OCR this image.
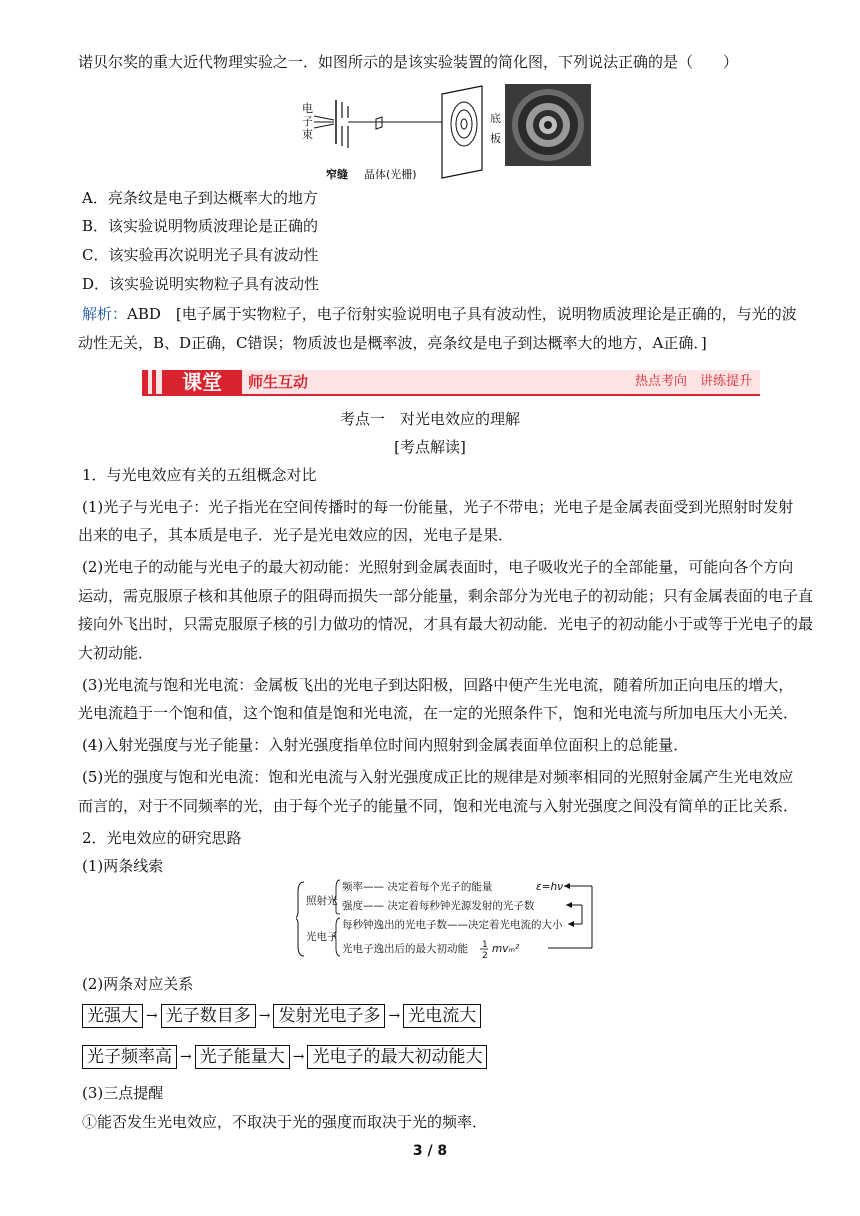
诺贝尔奖的重大近代物理实验之一．如图所示的是该实验装置的简化图，下列说法正确的是（　　）
电
子
束
窄缝 晶体(光栅)
底
板
A．亮条纹是电子到达概率大的地方
B．该实验说明物质波理论是正确的
C．该实验再次说明光子具有波动性
D．该实验说明实物粒子具有波动性
解析：ABD　[电子属于实物粒子，电子衍射实验说明电子具有波动性，说明物质波理论是正确的，与光的波
动性无关，B、D正确，C错误；物质波也是概率波，亮条纹是电子到达概率大的地方，A正确．]
课堂	师生互动	热点考向　讲练提升
考点一　对光电效应的理解
[考点解读]
1．与光电效应有关的五组概念对比
(1)光子与光电子：光子指光在空间传播时的每一份能量，光子不带电；光电子是金属表面受到光照射时发射
出来的电子，其本质是电子．光子是光电效应的因，光电子是果．
(2)光电子的动能与光电子的最大初动能：光照射到金属表面时，电子吸收光子的全部能量，可能向各个方向
运动，需克服原子核和其他原子的阻碍而损失一部分能量，剩余部分为光电子的初动能；只有金属表面的电子直
接向外飞出时，只需克服原子核的引力做功的情况，才具有最大初动能．光电子的初动能小于或等于光电子的最
大初动能．
(3)光电流与饱和光电流：金属板飞出的光电子到达阳极，回路中便产生光电流，随着所加正向电压的增大，
光电流趋于一个饱和值，这个饱和值是饱和光电流，在一定的光照条件下，饱和光电流与所加电压大小无关．
(4)入射光强度与光子能量：入射光强度指单位时间内照射到金属表面单位面积上的总能量．
(5)光的强度与饱和光电流：饱和光电流与入射光强度成正比的规律是对频率相同的光照射金属产生光电效应
而言的，对于不同频率的光，由于每个光子的能量不同，饱和光电流与入射光强度之间没有简单的正比关系．
2．光电效应的研究思路
(1)两条线索
照射光
光电子
频率—— 决定着每个光子的能量	ε=hν
强度—— 决定着每秒钟光源发射的光子数
每秒钟逸出的光电子数——决定着光电流的大小
光电子逸出后的最大初动能 1
2
mvₘ²
(2)两条对应关系
光强大 → 光子数目多 → 发射光电子多 → 光电流大
光子频率高 → 光子能量大 → 光电子的最大初动能大
(3)三点提醒
①能否发生光电效应，不取决于光的强度而取决于光的频率．
3 / 8
